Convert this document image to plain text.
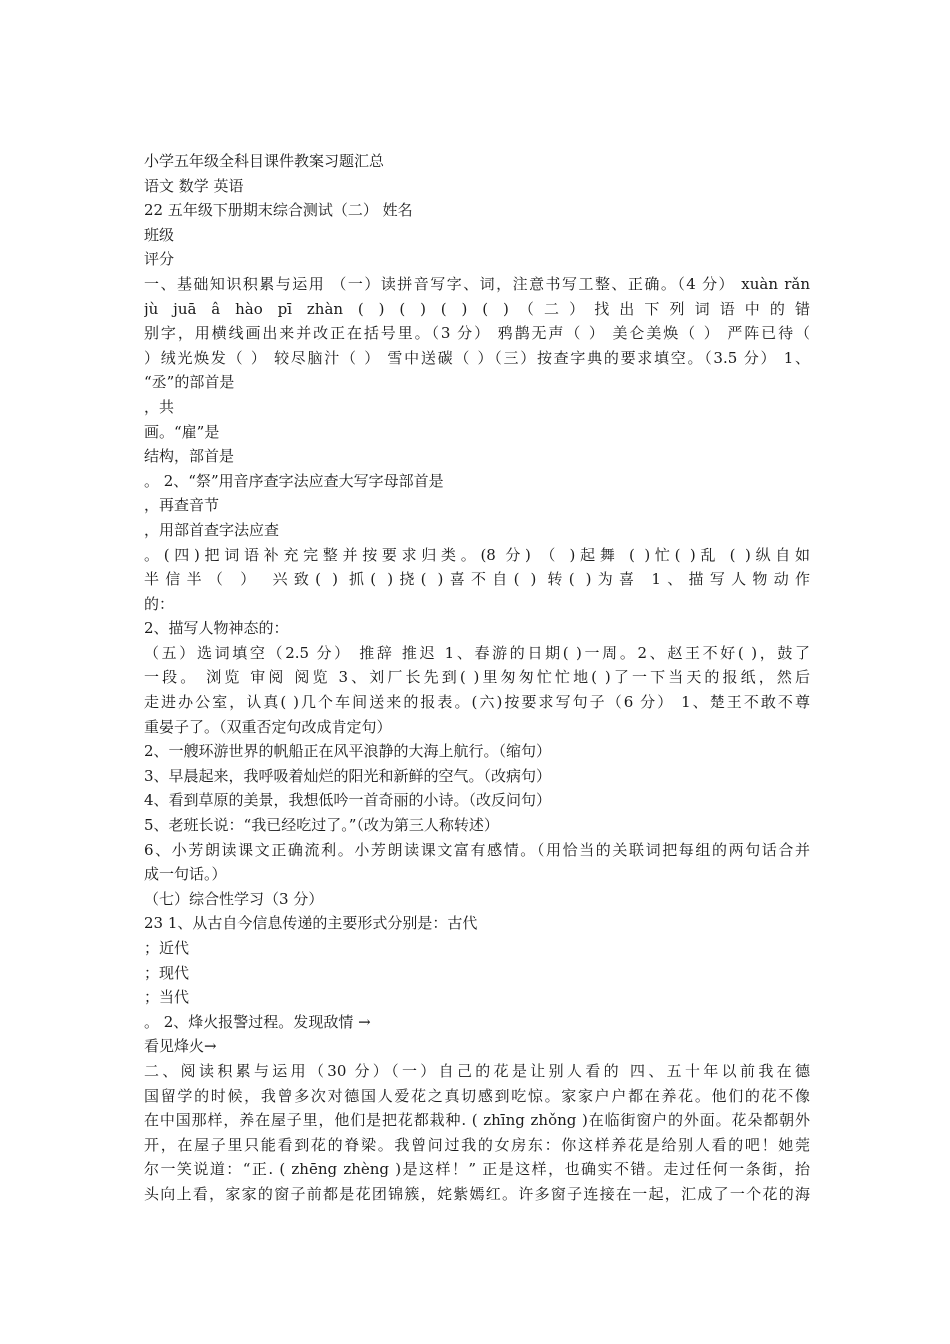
小学五年级全科目课件教案习题汇总
语文 数学 英语
22 五年级下册期末综合测试（二） 姓名
班级
评分
一、基础知识积累与运用 （一）读拼音写字、词，注意书写工整、正确。（4 分） xuàn rǎn
jù juā â hào pī zhàn ( ) ( ) ( ) ( )（二）找出下列词语中的错
别字，用横线画出来并改正在括号里。（3 分） 鸦鹊无声（ ） 美仑美焕（ ） 严阵已待（
）绒光焕发（ ） 较尽脑汁（ ） 雪中送碳（ ）（三）按查字典的要求填空。（3.5 分） 1、
“丞”的部首是
，共
画。“雇”是
结构，部首是
。 2、“祭”用音序查字法应查大写字母部首是
，再查音节
，用部首查字法应查
。(四)把词语补充完整并按要求归类。(8 分) （ )起舞 ( )忙( )乱 ( )纵自如
半信半（ ） 兴致( ) 抓( )挠( )喜不自( ) 转( )为喜 1、描写人物动作
的：
2、描写人物神态的：
（五）选词填空（2.5 分） 推辞 推迟 1、春游的日期( )一周。2、赵王不好( )，鼓了
一段。 浏览 审阅 阅览 3、刘厂长先到( )里匆匆忙忙地( )了一下当天的报纸，然后
走进办公室，认真( )几个车间送来的报表。(六)按要求写句子（6 分） 1、楚王不敢不尊
重晏子了。（双重否定句改成肯定句）
2、一艘环游世界的帆船正在风平浪静的大海上航行。（缩句）
3、早晨起来，我呼吸着灿烂的阳光和新鲜的空气。（改病句）
4、看到草原的美景，我想低吟一首奇丽的小诗。（改反问句）
5、老班长说：“我已经吃过了。”（改为第三人称转述）
6、小芳朗读课文正确流利。小芳朗读课文富有感情。（用恰当的关联词把每组的两句话合并
成一句话。）
（七）综合性学习（3 分）
23 1、从古自今信息传递的主要形式分别是：古代
；近代
；现代
；当代
。 2、烽火报警过程。发现敌情 →
看见烽火→
二、阅读积累与运用（30 分）（一）自己的花是让别人看的 四、五十年以前我在德
国留学的时候，我曾多次对德国人爱花之真切感到吃惊。家家户户都在养花。他们的花不像
在中国那样，养在屋子里，他们是把花都栽种. ( zhīng zhǒng )在临街窗户的外面。花朵都朝外
开，在屋子里只能看到花的脊梁。我曾问过我的女房东：你这样养花是给别人看的吧！她莞
尔一笑说道：“正. ( zhēng zhèng )是这样！” 正是这样，也确实不错。走过任何一条街，抬
头向上看，家家的窗子前都是花团锦簇，姹紫嫣红。许多窗子连接在一起，汇成了一个花的海
